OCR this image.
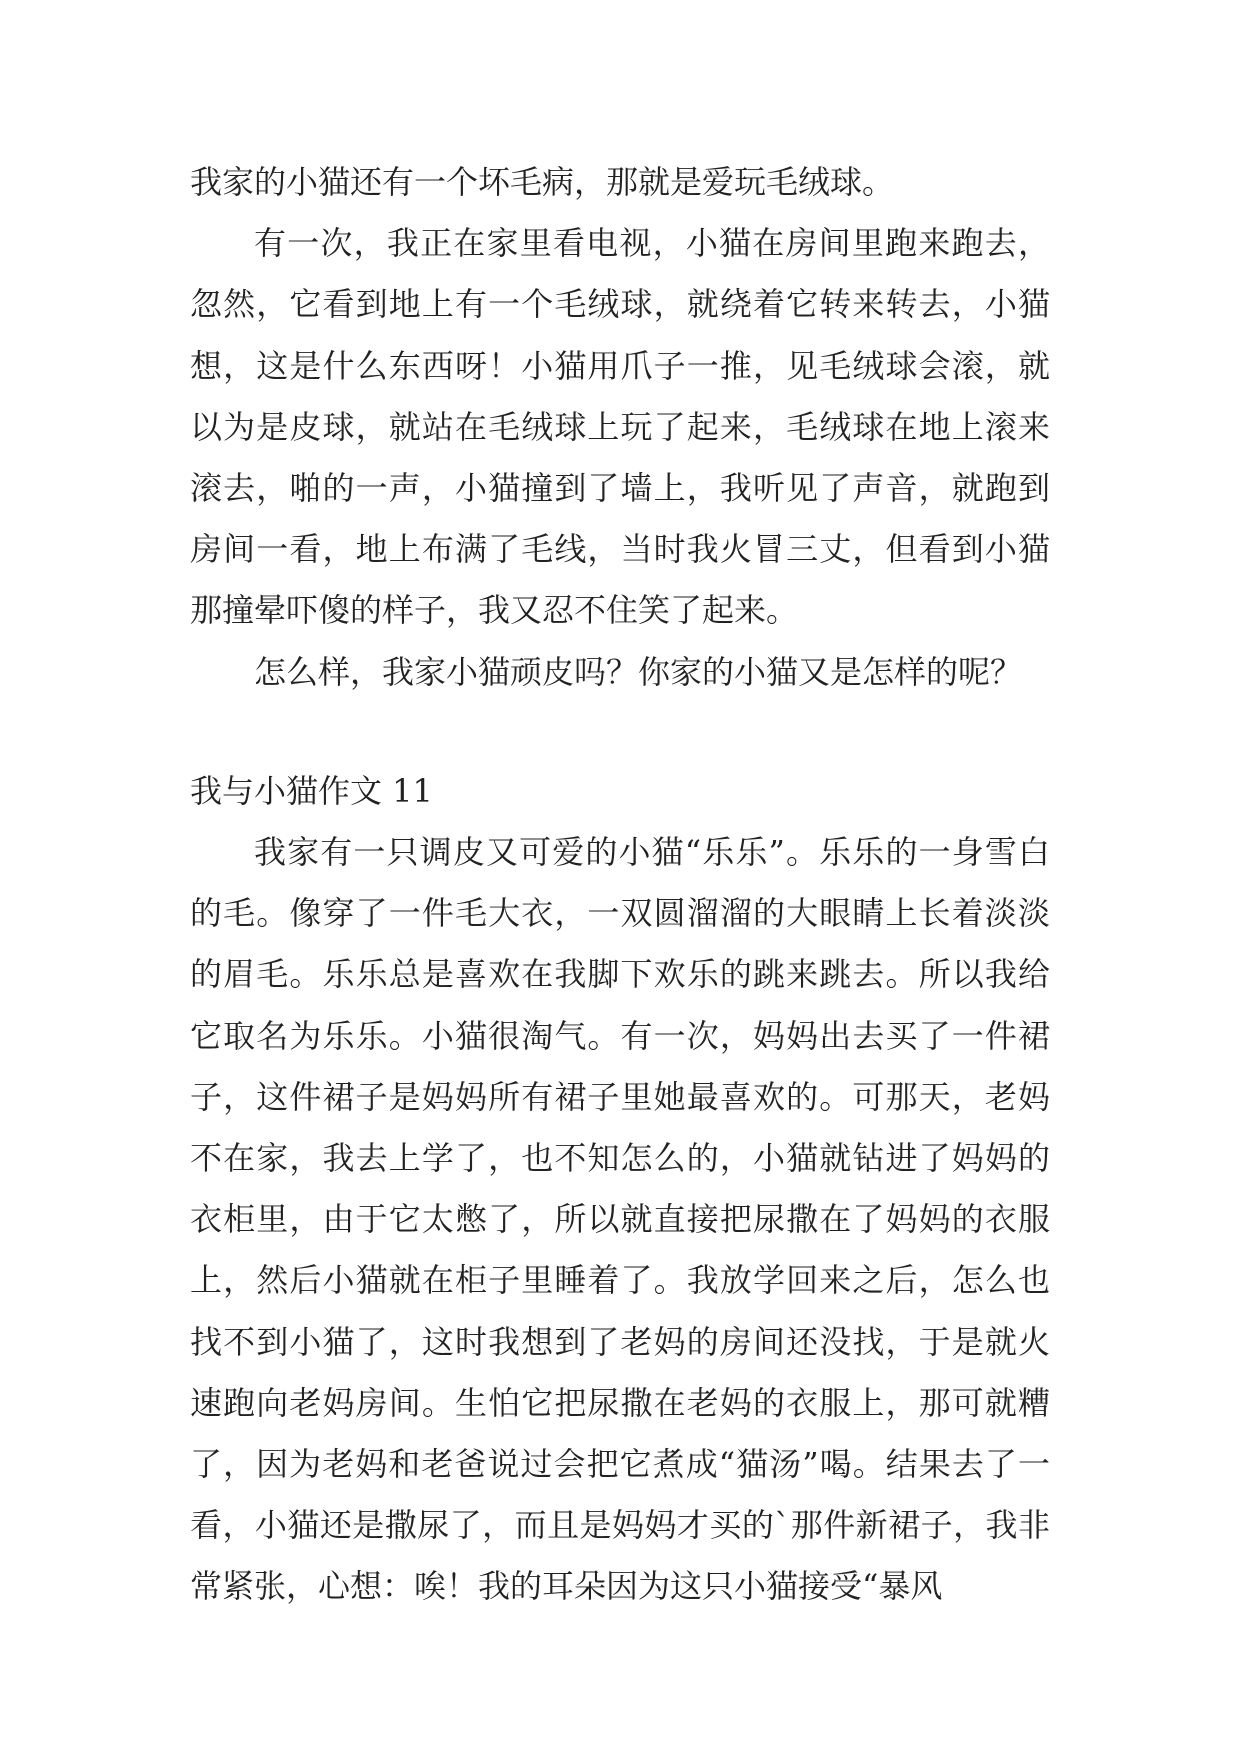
我家的小猫还有一个坏毛病，那就是爱玩毛绒球。

有一次，我正在家里看电视，小猫在房间里跑来跑去，忽然，它看到地上有一个毛绒球，就绕着它转来转去，小猫想，这是什么东西呀！小猫用爪子一推，见毛绒球会滚，就以为是皮球，就站在毛绒球上玩了起来，毛绒球在地上滚来滚去，啪的一声，小猫撞到了墙上，我听见了声音，就跑到房间一看，地上布满了毛线，当时我火冒三丈，但看到小猫那撞晕吓傻的样子，我又忍不住笑了起来。

怎么样，我家小猫顽皮吗？你家的小猫又是怎样的呢？

我与小猫作文 11

我家有一只调皮又可爱的小猫“乐乐”。乐乐的一身雪白的毛。像穿了一件毛大衣，一双圆溜溜的大眼睛上长着淡淡的眉毛。乐乐总是喜欢在我脚下欢乐的跳来跳去。所以我给它取名为乐乐。小猫很淘气。有一次，妈妈出去买了一件裙子，这件裙子是妈妈所有裙子里她最喜欢的。可那天，老妈不在家，我去上学了，也不知怎么的，小猫就钻进了妈妈的衣柜里，由于它太憋了，所以就直接把尿撒在了妈妈的衣服上，然后小猫就在柜子里睡着了。我放学回来之后，怎么也找不到小猫了，这时我想到了老妈的房间还没找，于是就火速跑向老妈房间。生怕它把尿撒在老妈的衣服上，那可就糟了，因为老妈和老爸说过会把它煮成“猫汤”喝。结果去了一看，小猫还是撒尿了，而且是妈妈才买的`那件新裙子，我非常紧张，心想：唉！我的耳朵因为这只小猫接受“暴风
